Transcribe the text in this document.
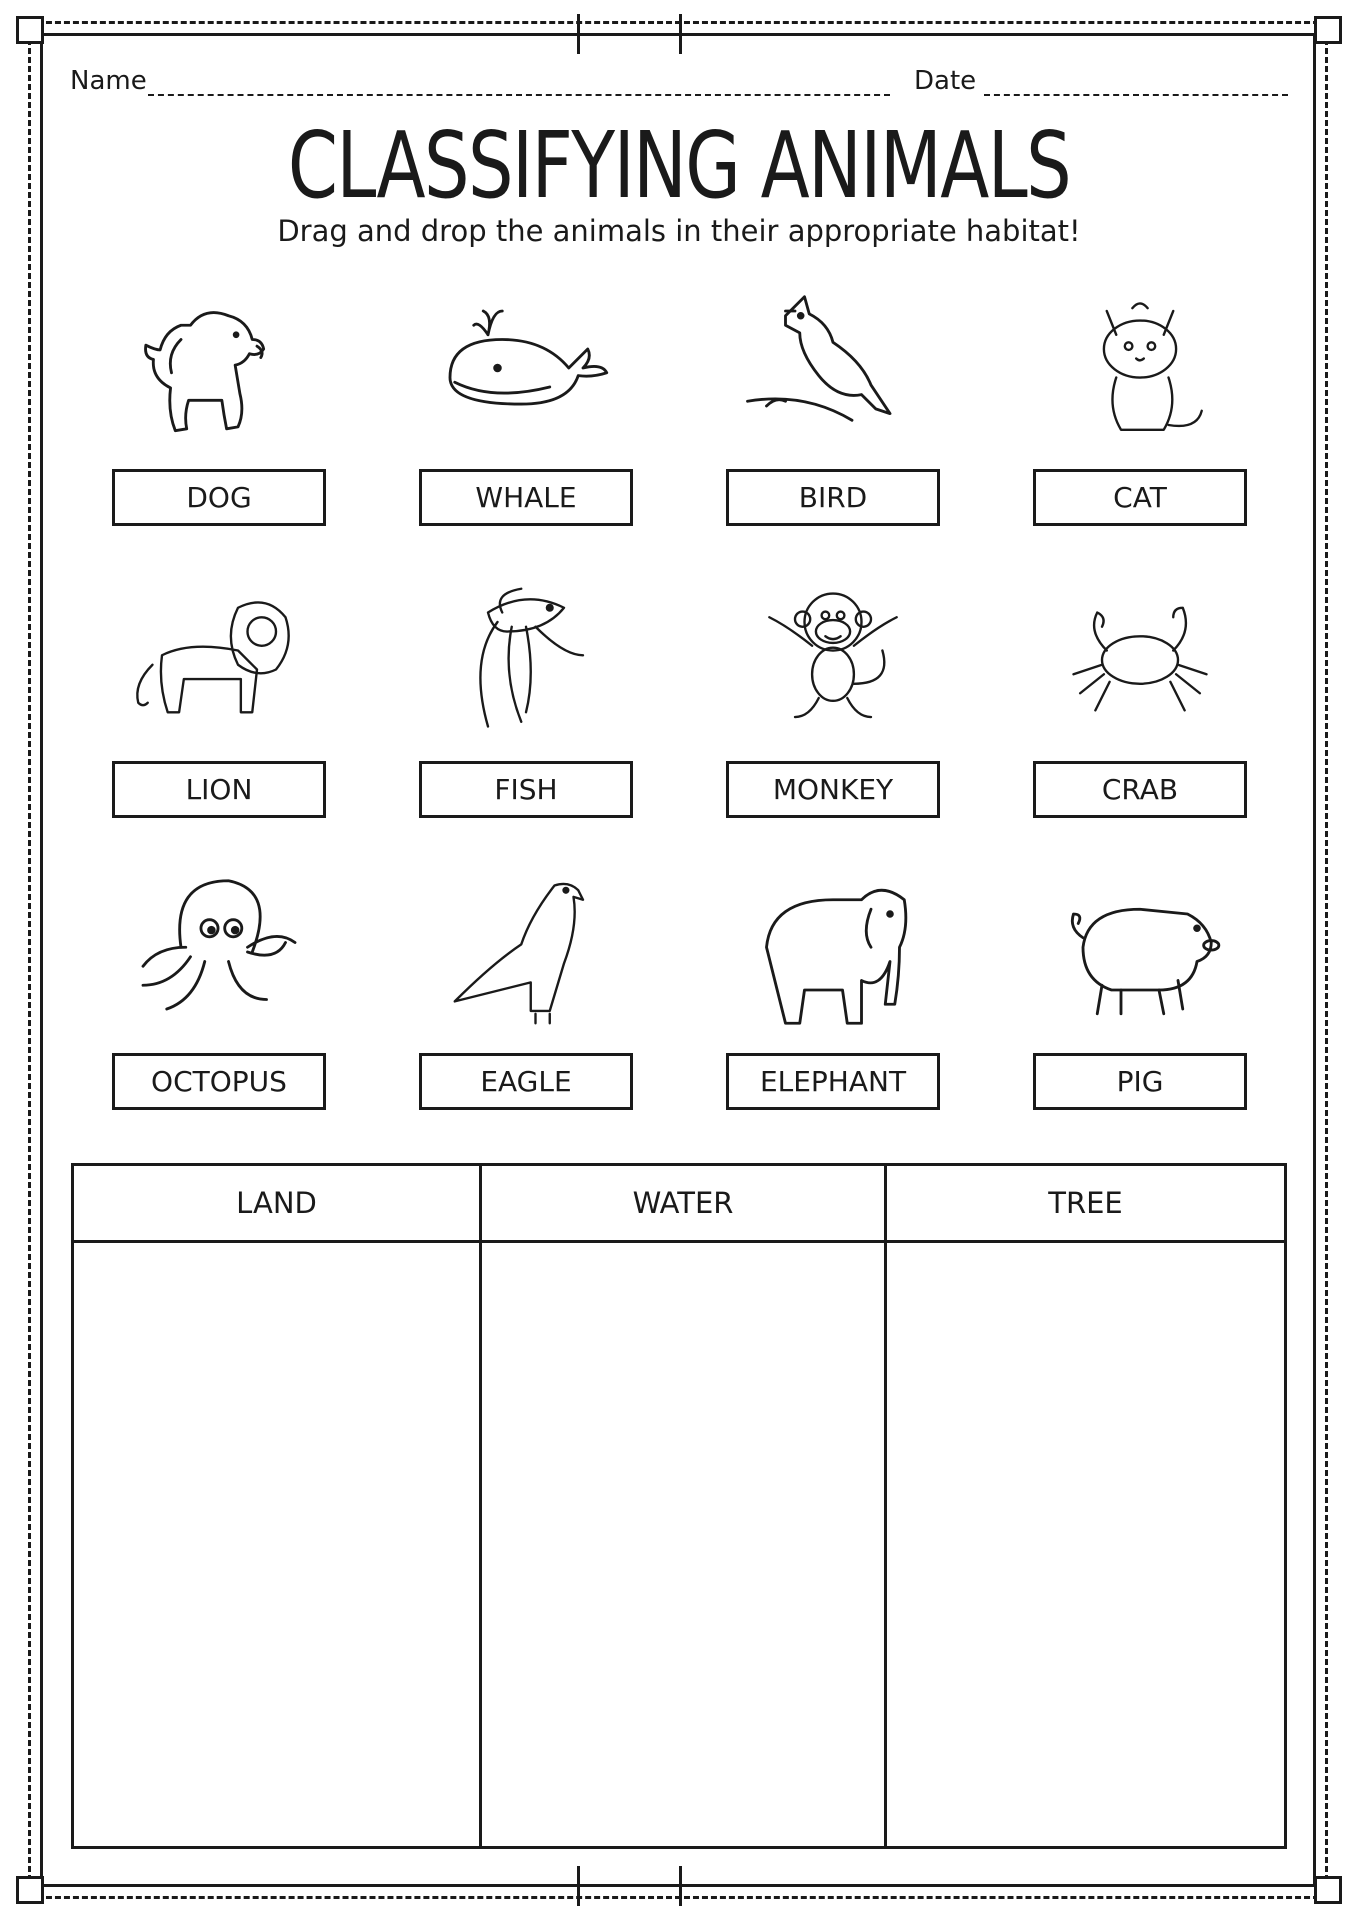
Name	Date
CLASSIFYING ANIMALS
Drag and drop the animals in their appropriate habitat!
DOG	WHALE	BIRD	CAT
LION	FISH	MONKEY	CRAB
OCTOPUS	EAGLE	ELEPHANT	PIG
LAND	WATER	TREE
